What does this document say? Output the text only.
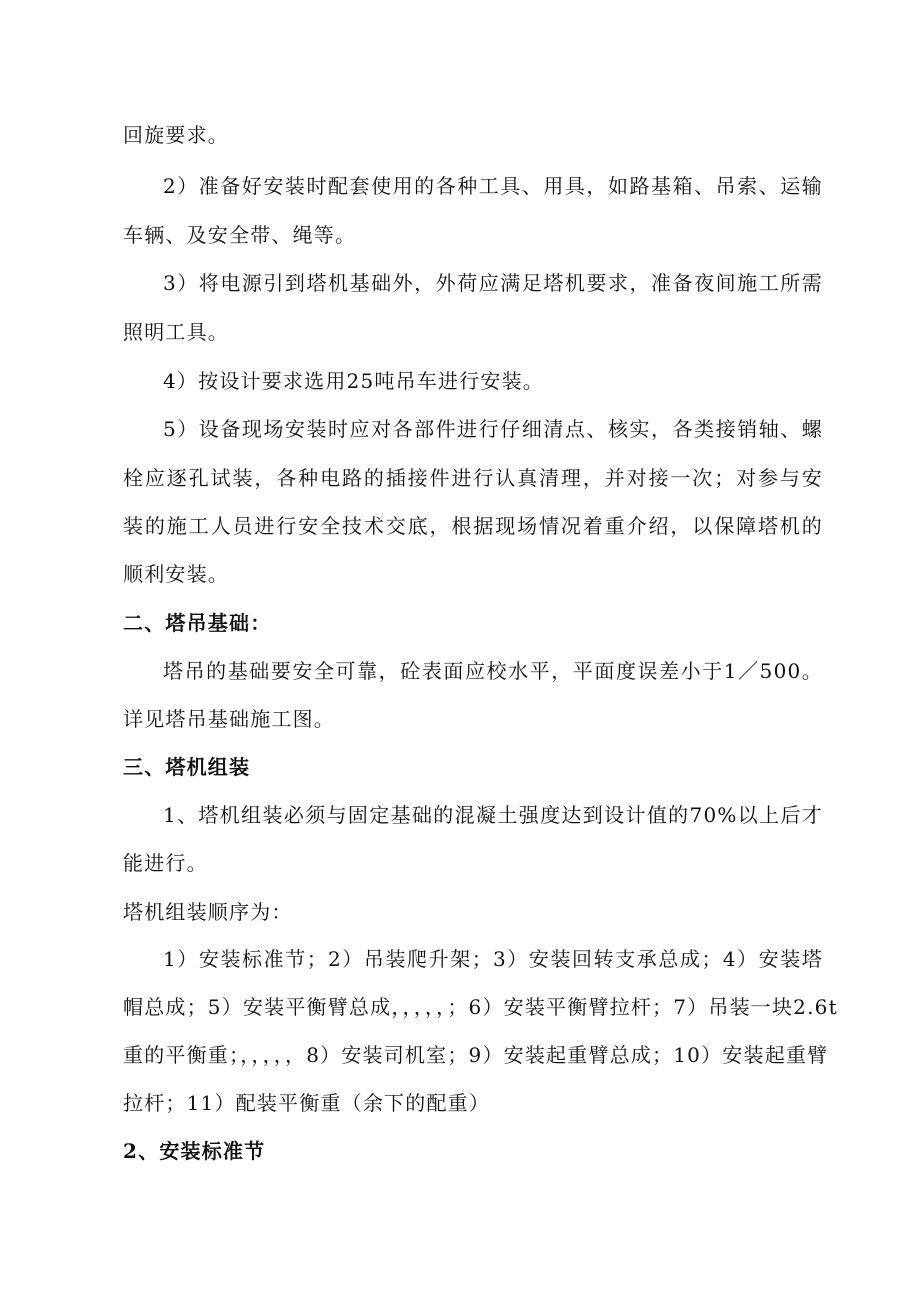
回旋要求。
2）准备好安装时配套使用的各种工具、用具，如路基箱、吊索、运输
车辆、及安全带、绳等。
3）将电源引到塔机基础外，外荷应满足塔机要求，准备夜间施工所需
照明工具。
4）按设计要求选用25吨吊车进行安装。
5）设备现场安装时应对各部件进行仔细清点、核实，各类接销轴、螺
栓应逐孔试装，各种电路的插接件进行认真清理，并对接一次；对参与安
装的施工人员进行安全技术交底，根据现场情况着重介绍，以保障塔机的
顺利安装。
二、塔吊基础：
塔吊的基础要安全可靠，砼表面应校水平，平面度误差小于1／500。
详见塔吊基础施工图。
三、塔机组装
1、塔机组装必须与固定基础的混凝土强度达到设计值的70%以上后才
能进行。
塔机组装顺序为：
1）安装标准节；2）吊装爬升架；3）安装回转支承总成；4）安装塔
帽总成；5）安装平衡臂总成，，，，，；6）安装平衡臂拉杆；7）吊装一块2.6t
重的平衡重；，，，，，8）安装司机室；9）安装起重臂总成；10）安装起重臂
拉杆；11）配装平衡重（余下的配重）
2、安装标准节
